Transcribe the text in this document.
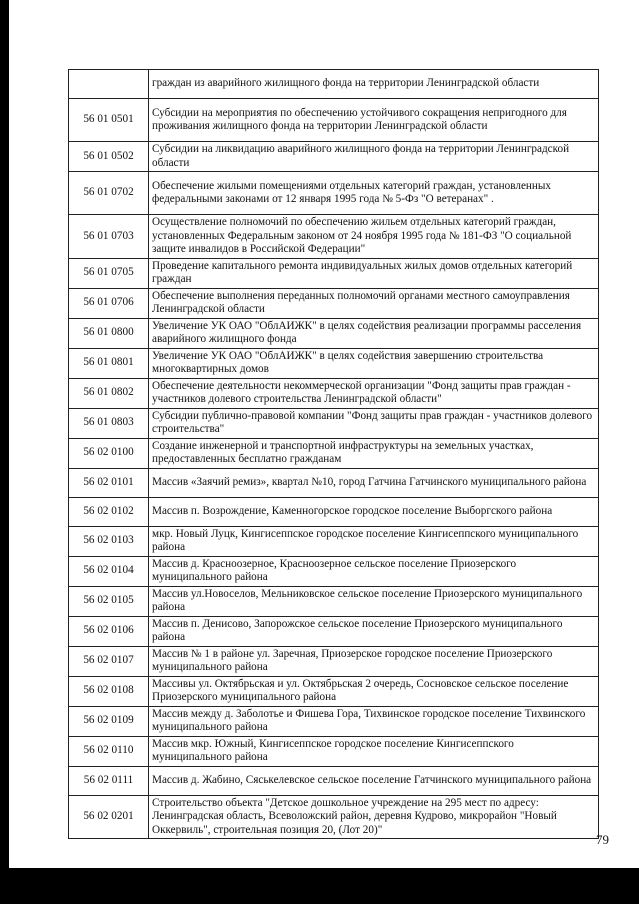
	граждан из аварийного жилищного фонда на территории Ленинградской области
56 01 0501	Субсидии на мероприятия по обеспечению устойчивого сокращения непригодного для проживания жилищного фонда на территории Ленинградской области
56 01 0502	Субсидии на ликвидацию аварийного жилищного фонда на территории Ленинградской области
56 01 0702	Обеспечение жилыми помещениями отдельных категорий граждан, установленных федеральными законами от 12 января 1995 года № 5-Фз "О ветеранах" .
56 01 0703	Осуществление полномочий по обеспечению жильем отдельных категорий граждан, установленных Федеральным законом от 24 ноября 1995 года № 181-ФЗ "О социальной защите инвалидов в Российской Федерации"
56 01 0705	Проведение капитального ремонта индивидуальных жилых домов отдельных категорий граждан
56 01 0706	Обеспечение выполнения переданных полномочий органами местного самоуправления Ленинградской области
56 01 0800	Увеличение УК ОАО "ОблАИЖК" в целях содействия реализации программы расселения аварийного жилищного фонда
56 01 0801	Увеличение УК ОАО "ОблАИЖК" в целях содействия завершению строительства многоквартирных домов
56 01 0802	Обеспечение деятельности некоммерческой организации "Фонд защиты прав граждан - участников долевого строительства Ленинградской области"
56 01 0803	Субсидии публично-правовой компании "Фонд защиты прав граждан - участников долевого строительства"
56 02 0100	Создание инженерной и транспортной инфраструктуры на земельных участках, предоставленных бесплатно гражданам
56 02 0101	Массив «Заячий ремиз», квартал №10, город Гатчина Гатчинского муниципального района
56 02 0102	Массив п. Возрождение, Каменногорское городское поселение Выборгского района
56 02 0103	мкр. Новый Луцк, Кингисеппское городское поселение Кингисеппского муниципального района
56 02 0104	Массив д. Красноозерное, Красноозерное сельское поселение Приозерского муниципального района
56 02 0105	Массив ул.Новоселов, Мельниковское сельское поселение Приозерского муниципального района
56 02 0106	Массив п. Денисово, Запорожское сельское поселение Приозерского муниципального района
56 02 0107	Массив № 1 в районе ул. Заречная, Приозерское городское поселение Приозерского муниципального района
56 02 0108	Массивы ул. Октябрьская и ул. Октябрьская 2 очередь, Сосновское сельское поселение Приозерского муниципального района
56 02 0109	Массив между д. Заболотье и Фишева Гора, Тихвинское городское поселение Тихвинского муниципального района
56 02 0110	Массив мкр. Южный, Кингисеппское городское поселение Кингисеппского муниципального района
56 02 0111	Массив д. Жабино, Сяськелевское сельское поселение Гатчинского муниципального района
56 02 0201	Строительство объекта "Детское дошкольное учреждение на 295 мест по адресу: Ленинградская область, Всеволожский район, деревня Кудрово, микрорайон "Новый Оккервиль", строительная позиция 20, (Лот 20)"
79
